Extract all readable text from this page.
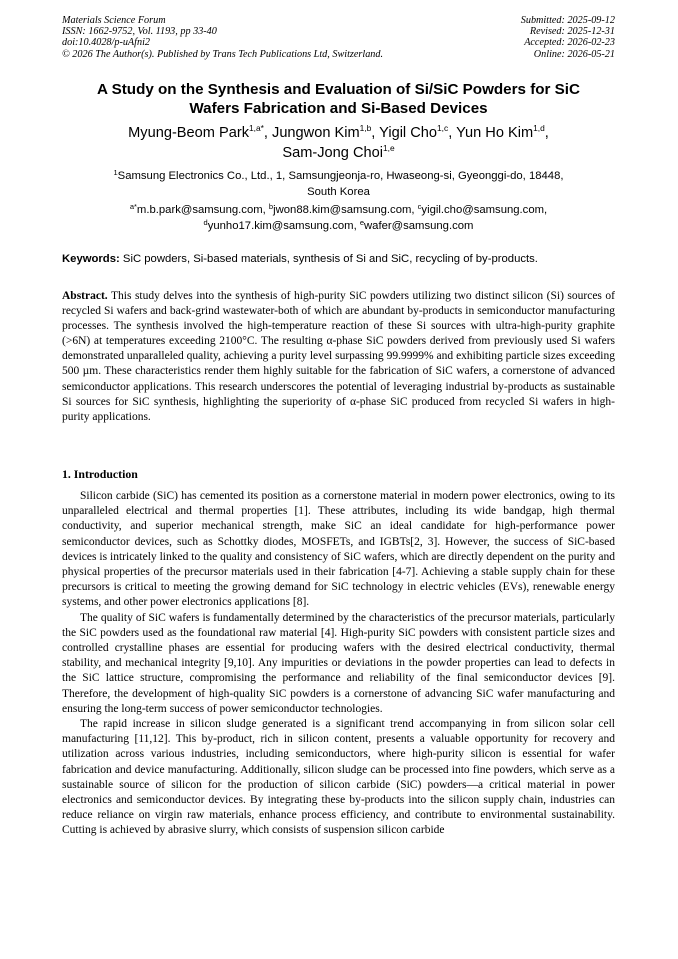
Materials Science Forum
ISSN: 1662-9752, Vol. 1193, pp 33-40
doi:10.4028/p-uAfni2
© 2026 The Author(s). Published by Trans Tech Publications Ltd, Switzerland.
Submitted: 2025-09-12
Revised: 2025-12-31
Accepted: 2026-02-23
Online: 2026-05-21
A Study on the Synthesis and Evaluation of Si/SiC Powders for SiC
Wafers Fabrication and Si-Based Devices
Myung-Beom Park$^{1,a*}$, Jungwon Kim$^{1,b}$, Yigil Cho$^{1,c}$, Yun Ho Kim$^{1,d}$,
Sam-Jong Choi$^{1,e}$
$^1$Samsung Electronics Co., Ltd., 1, Samsungjeonja-ro, Hwaseong-si, Gyeonggi-do, 18448,
South Korea
$^{a*}$m.b.park@samsung.com, $^b$jwon88.kim@samsung.com, $^c$yigil.cho@samsung.com,
$^d$yunho17.kim@samsung.com, $^e$wafer@samsung.com
Keywords: SiC powders, Si-based materials, synthesis of Si and SiC, recycling of by-products.
Abstract. This study delves into the synthesis of high-purity SiC powders utilizing two distinct silicon (Si) sources of recycled Si wafers and back-grind wastewater-both of which are abundant by-products in semiconductor manufacturing processes. The synthesis involved the high-temperature reaction of these Si sources with ultra-high-purity graphite (>6N) at temperatures exceeding 2100°C. The resulting α-phase SiC powders derived from previously used Si wafers demonstrated unparalleled quality, achieving a purity level surpassing 99.9999% and exhibiting particle sizes exceeding 500 µm. These characteristics render them highly suitable for the fabrication of SiC wafers, a cornerstone of advanced semiconductor applications. This research underscores the potential of leveraging industrial by-products as sustainable Si sources for SiC synthesis, highlighting the superiority of α-phase SiC produced from recycled Si wafers in high-purity applications.
1. Introduction

Silicon carbide (SiC) has cemented its position as a cornerstone material in modern power electronics, owing to its unparalleled electrical and thermal properties [1]. These attributes, including its wide bandgap, high thermal conductivity, and superior mechanical strength, make SiC an ideal candidate for high-performance power semiconductor devices, such as Schottky diodes, MOSFETs, and IGBTs[2, 3]. However, the success of SiC-based devices is intricately linked to the quality and consistency of SiC wafers, which are directly dependent on the purity and physical properties of the precursor materials used in their fabrication [4-7]. Achieving a stable supply chain for these precursors is critical to meeting the growing demand for SiC technology in electric vehicles (EVs), renewable energy systems, and other power electronics applications [8].

The quality of SiC wafers is fundamentally determined by the characteristics of the precursor materials, particularly the SiC powders used as the foundational raw material [4]. High-purity SiC powders with consistent particle sizes and controlled crystalline phases are essential for producing wafers with the desired electrical conductivity, thermal stability, and mechanical integrity [9,10]. Any impurities or deviations in the powder properties can lead to defects in the SiC lattice structure, compromising the performance and reliability of the final semiconductor devices [9]. Therefore, the development of high-quality SiC powders is a cornerstone of advancing SiC wafer manufacturing and ensuring the long-term success of power semiconductor technologies.

The rapid increase in silicon sludge generated is a significant trend accompanying in from silicon solar cell manufacturing [11,12]. This by-product, rich in silicon content, presents a valuable opportunity for recovery and utilization across various industries, including semiconductors, where high-purity silicon is essential for wafer fabrication and device manufacturing. Additionally, silicon sludge can be processed into fine powders, which serve as a sustainable source of silicon for the production of silicon carbide (SiC) powders—a critical material in power electronics and semiconductor devices. By integrating these by-products into the silicon supply chain, industries can reduce reliance on virgin raw materials, enhance process efficiency, and contribute to environmental sustainability. Cutting is achieved by abrasive slurry, which consists of suspension silicon carbide
